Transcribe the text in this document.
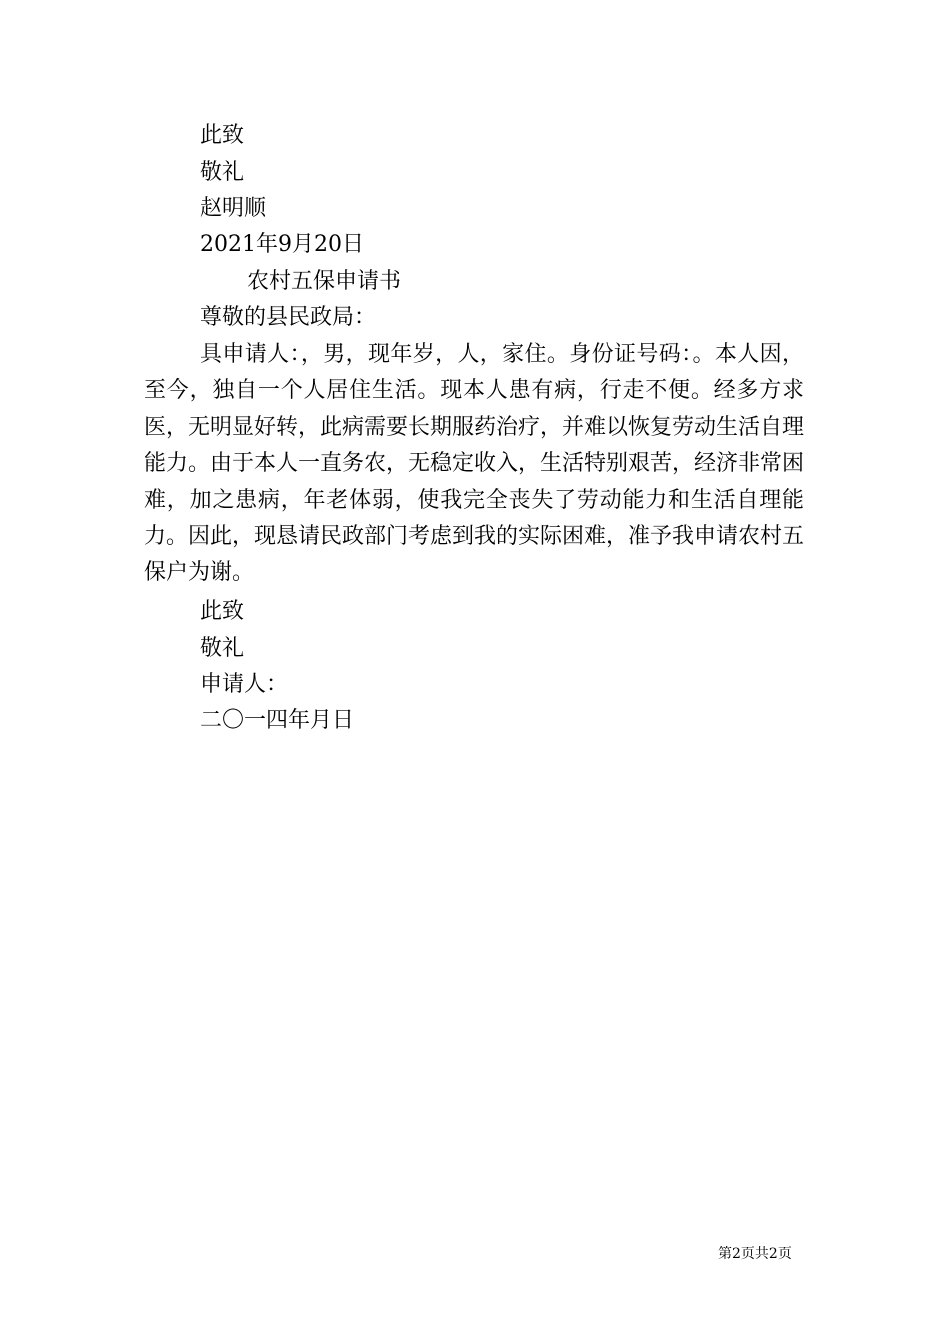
此致
敬礼
赵明顺
2021年9月20日
农村五保申请书
尊敬的县民政局：
具申请人：，男，现年岁，人，家住。身份证号码：。本人因，至今，独自一个人居住生活。现本人患有病，行走不便。经多方求医，无明显好转，此病需要长期服药治疗，并难以恢复劳动生活自理能力。由于本人一直务农，无稳定收入，生活特别艰苦，经济非常困难，加之患病，年老体弱，使我完全丧失了劳动能力和生活自理能力。因此，现恳请民政部门考虑到我的实际困难，准予我申请农村五保户为谢。
此致
敬礼
申请人：
二〇一四年月日
第2页共2页
